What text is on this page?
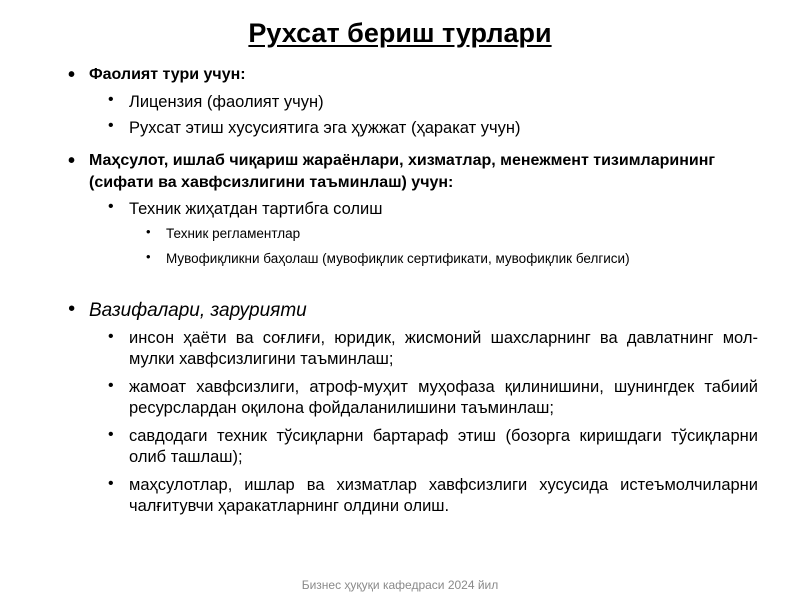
Рухсат бериш турлари
• Фаолият тури учун:
• Лицензия (фаолият учун)
• Рухсат этиш хусусиятига эга ҳужжат (ҳаракат учун)
• Маҳсулот, ишлаб чиқариш жараёнлари, хизматлар, менежмент тизимларининг (сифати ва хавфсизлигини таъминлаш) учун:
• Техник жиҳатдан тартибга солиш
• Техник регламентлар
• Мувофиқликни баҳолаш (мувофиқлик сертификати, мувофиқлик белгиси)
• Вазифалари, зарурияти
• инсон ҳаёти ва соғлиғи, юридик, жисмоний шахсларнинг ва давлатнинг мол-мулки хавфсизлигини таъминлаш;
• жамоат хавфсизлиги, атроф-муҳит муҳофаза қилинишини, шунингдек табиий ресурслардан оқилона фойдаланилишини таъминлаш;
• савдодаги техник тўсиқларни бартараф этиш (бозорга киришдаги тўсиқларни олиб ташлаш);
• маҳсулотлар, ишлар ва хизматлар хавфсизлиги хусусида истеъмолчиларни чалғитувчи ҳаракатларнинг олдини олиш.
Бизнес ҳуқуқи кафедраси 2024 йил
